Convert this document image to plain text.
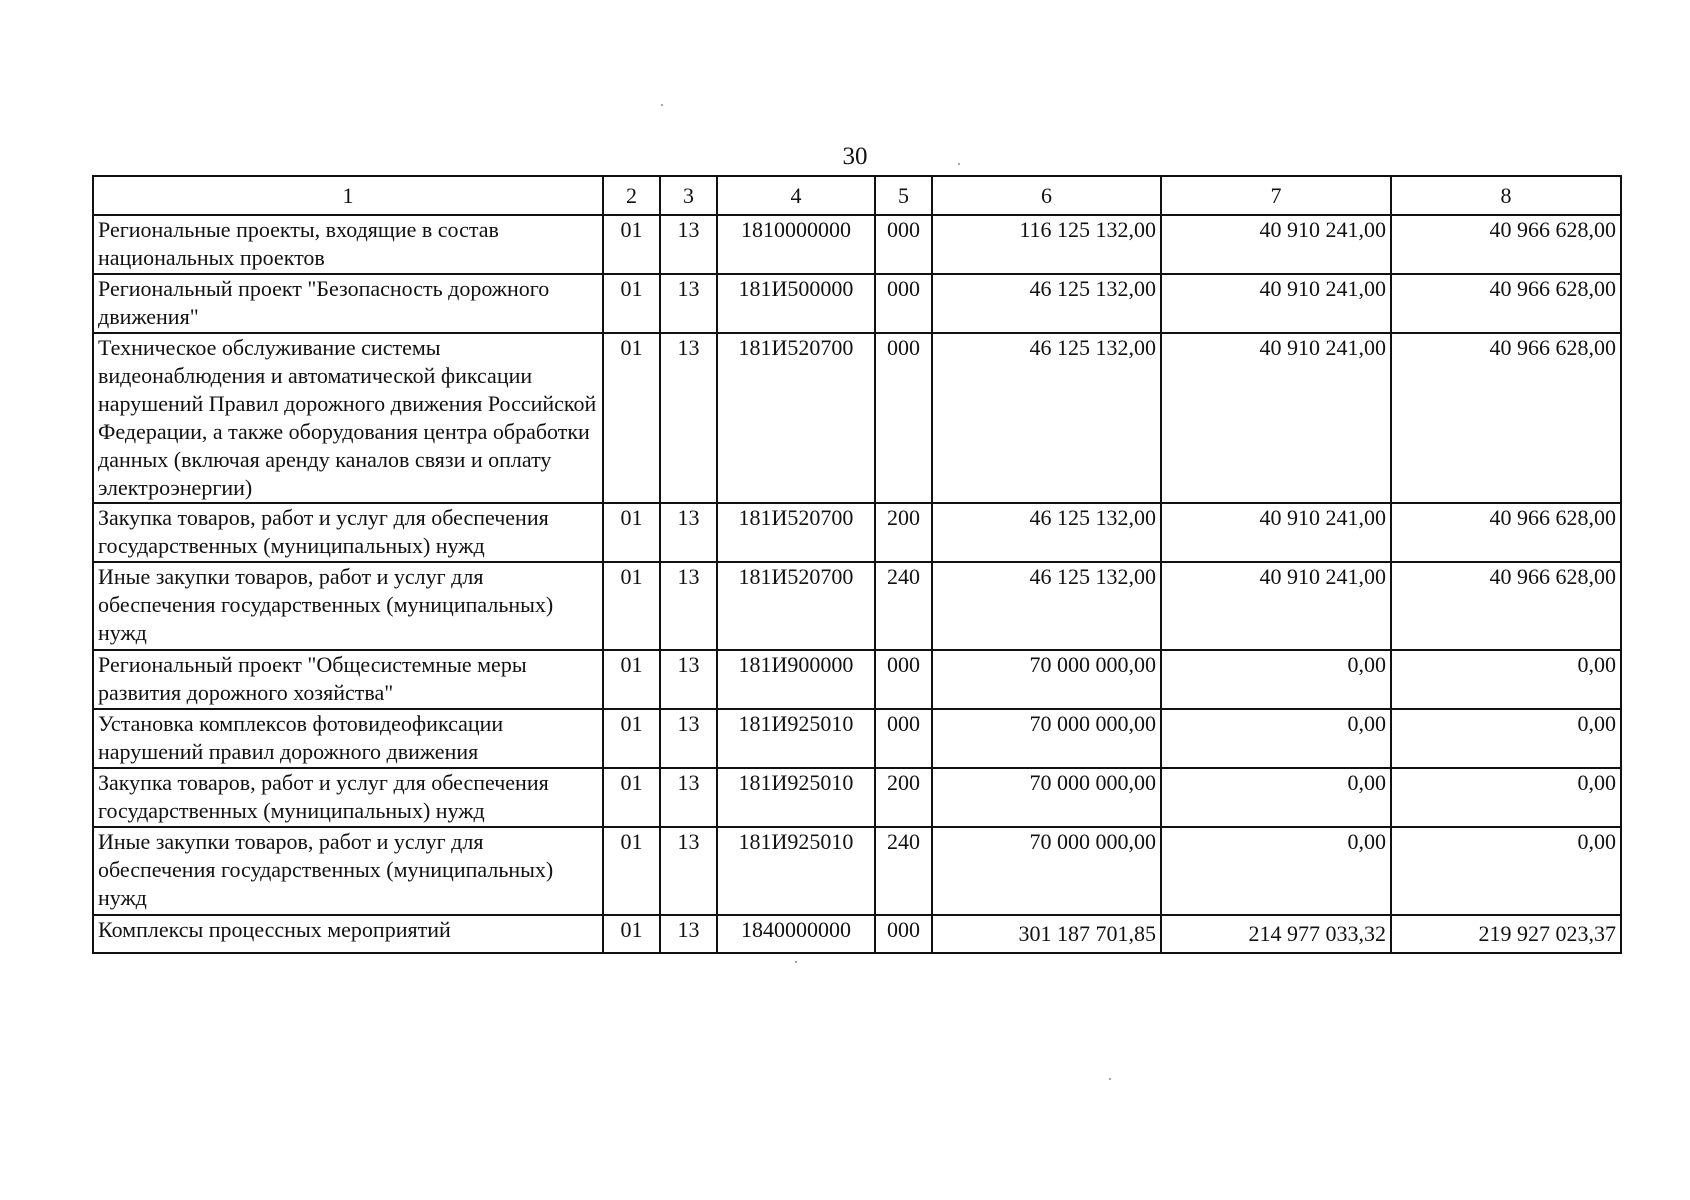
30
1	2	3	4	5	6	7	8
Региональные проекты, входящие в состав национальных проектов	01	13	1810000000	000	116 125 132,00	40 910 241,00	40 966 628,00
Региональный проект "Безопасность дорожного движения"	01	13	181И500000	000	46 125 132,00	40 910 241,00	40 966 628,00
Техническое обслуживание системы видеонаблюдения и автоматической фиксации нарушений Правил дорожного движения Российской Федерации, а также оборудования центра обработки данных (включая аренду каналов связи и оплату электроэнергии)	01	13	181И520700	000	46 125 132,00	40 910 241,00	40 966 628,00
Закупка товаров, работ и услуг для обеспечения государственных (муниципальных) нужд	01	13	181И520700	200	46 125 132,00	40 910 241,00	40 966 628,00
Иные закупки товаров, работ и услуг для обеспечения государственных (муниципальных) нужд	01	13	181И520700	240	46 125 132,00	40 910 241,00	40 966 628,00
Региональный проект "Общесистемные меры развития дорожного хозяйства"	01	13	181И900000	000	70 000 000,00	0,00	0,00
Установка комплексов фотовидеофиксации нарушений правил дорожного движения	01	13	181И925010	000	70 000 000,00	0,00	0,00
Закупка товаров, работ и услуг для обеспечения государственных (муниципальных) нужд	01	13	181И925010	200	70 000 000,00	0,00	0,00
Иные закупки товаров, работ и услуг для обеспечения государственных (муниципальных) нужд	01	13	181И925010	240	70 000 000,00	0,00	0,00
Комплексы процессных мероприятий	01	13	1840000000	000	301 187 701,85	214 977 033,32	219 927 023,37
